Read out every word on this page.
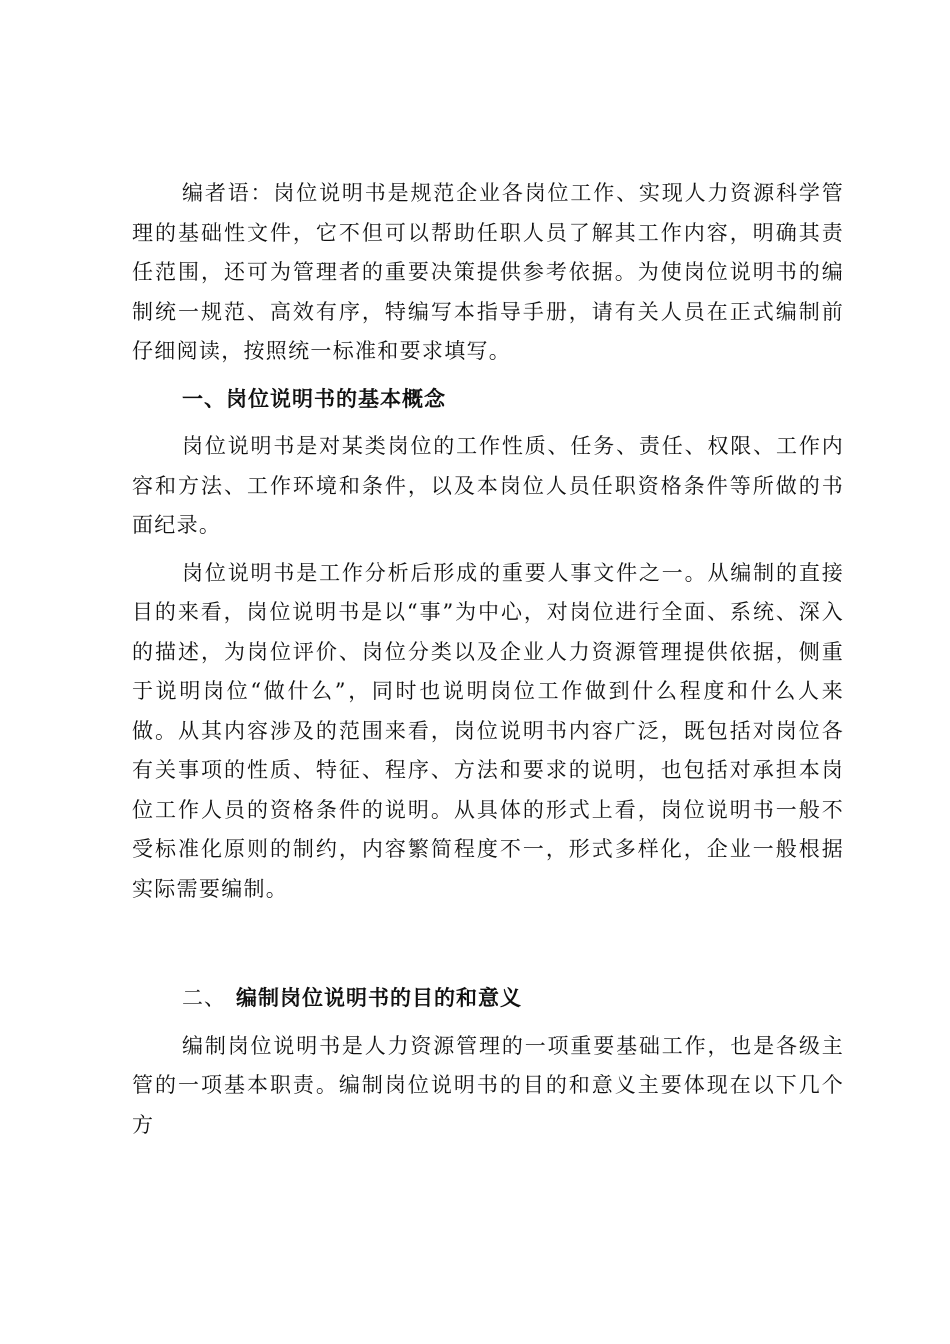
编者语：岗位说明书是规范企业各岗位工作、实现人力资源科学管理的基础性文件，它不但可以帮助任职人员了解其工作内容，明确其责任范围，还可为管理者的重要决策提供参考依据。为使岗位说明书的编制统一规范、高效有序，特编写本指导手册，请有关人员在正式编制前仔细阅读，按照统一标准和要求填写。

一、岗位说明书的基本概念

岗位说明书是对某类岗位的工作性质、任务、责任、权限、工作内容和方法、工作环境和条件，以及本岗位人员任职资格条件等所做的书面纪录。

岗位说明书是工作分析后形成的重要人事文件之一。从编制的直接目的来看，岗位说明书是以“事”为中心，对岗位进行全面、系统、深入的描述，为岗位评价、岗位分类以及企业人力资源管理提供依据，侧重于说明岗位“做什么”，同时也说明岗位工作做到什么程度和什么人来做。从其内容涉及的范围来看，岗位说明书内容广泛，既包括对岗位各有关事项的性质、特征、程序、方法和要求的说明，也包括对承担本岗位工作人员的资格条件的说明。从具体的形式上看，岗位说明书一般不受标准化原则的制约，内容繁简程度不一，形式多样化，企业一般根据实际需要编制。

二、 编制岗位说明书的目的和意义

编制岗位说明书是人力资源管理的一项重要基础工作，也是各级主管的一项基本职责。编制岗位说明书的目的和意义主要体现在以下几个方
